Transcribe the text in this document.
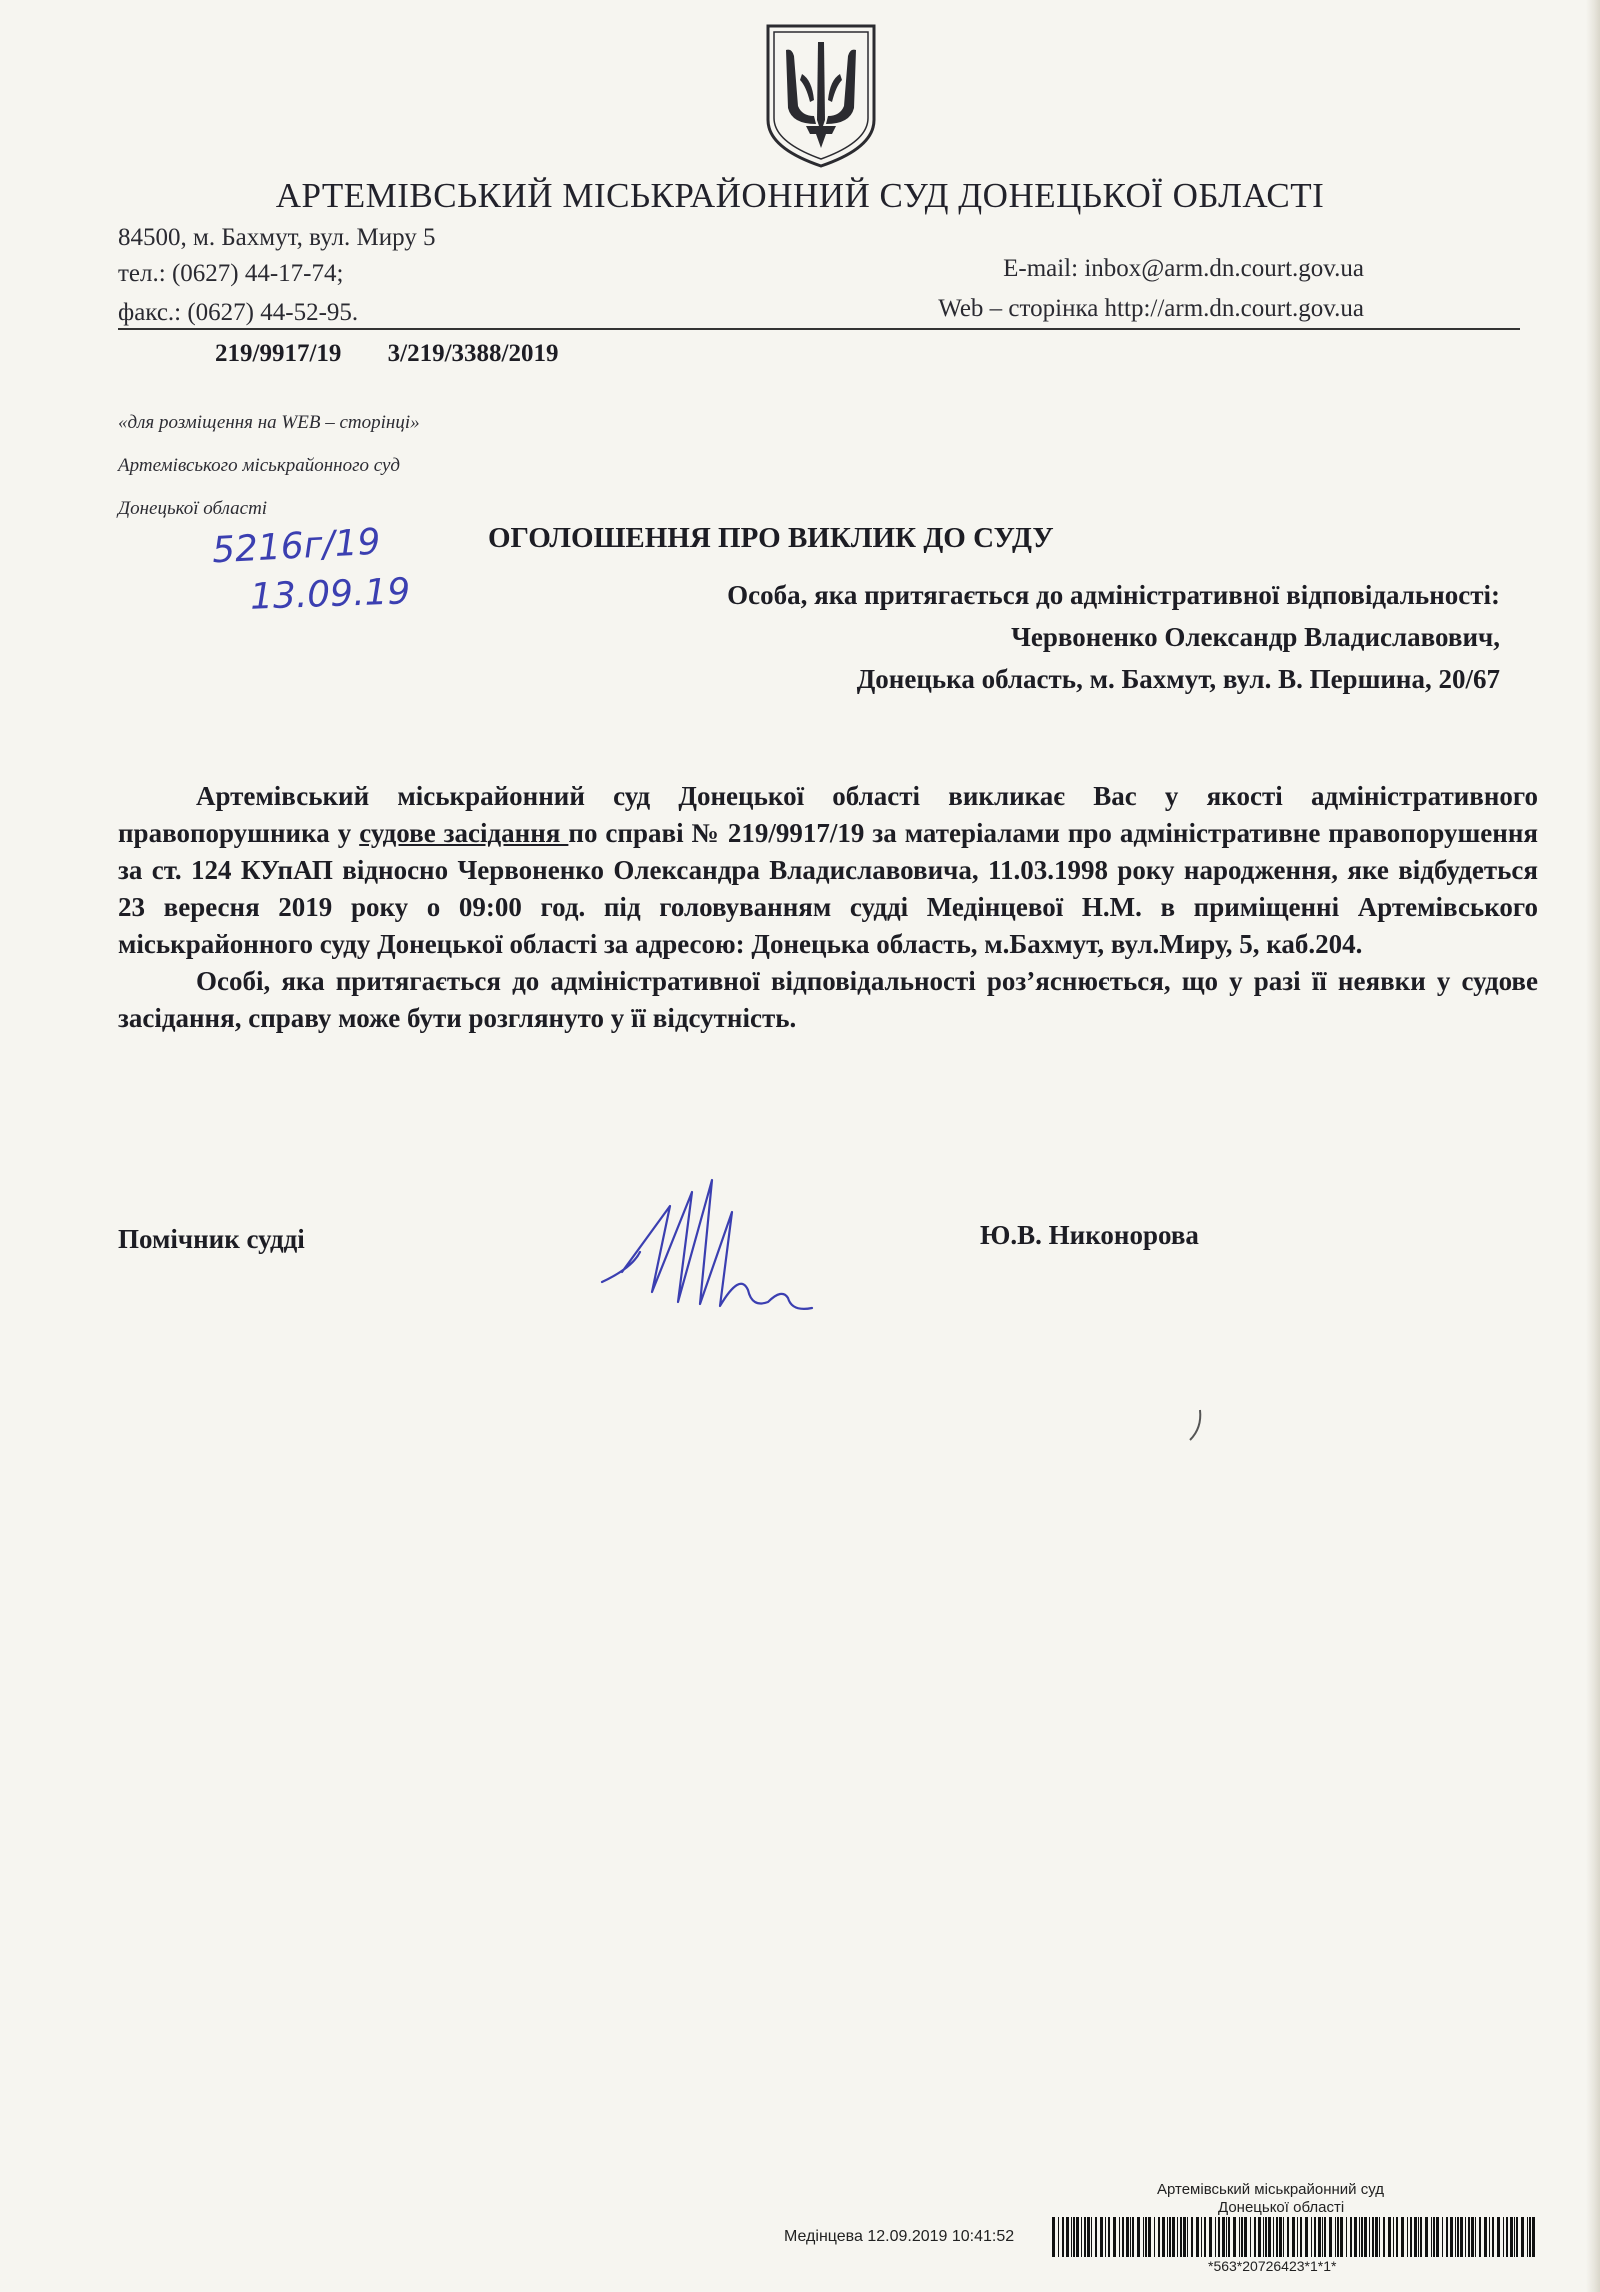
АРТЕМІВСЬКИЙ МІСЬКРАЙОННИЙ СУД ДОНЕЦЬКОЇ ОБЛАСТІ
84500, м. Бахмут, вул. Миру 5
тел.: (0627) 44-17-74;
факс.: (0627) 44-52-95.
E-mail: inbox@arm.dn.court.gov.ua
Web – сторінка http://arm.dn.court.gov.ua
219/9917/19 3/219/3388/2019
«для розміщення на WEB – сторінці»
Артемівського міськрайонного суд
Донецької області
5216г/19
13.09.19
ОГОЛОШЕННЯ ПРО ВИКЛИК ДО СУДУ
Особа, яка притягається до адміністративної відповідальності:
Червоненко Олександр Владиславович,
Донецька область, м. Бахмут, вул. В. Першина, 20/67

Артемівський міськрайонний суд Донецької області викликає Вас у якості адміністративного правопорушника у судове засідання по справі № 219/9917/19 за матеріалами про адміністративне правопорушення за ст. 124 КУпАП відносно Червоненко Олександра Владиславовича, 11.03.1998 року народження, яке відбудеться 23 вересня 2019 року о 09:00 год. під головуванням судді Медінцевої Н.М. в приміщенні Артемівського міськрайонного суду Донецької області за адресою: Донецька область, м.Бахмут, вул.Миру, 5, каб.204.

Особі, яка притягається до адміністративної відповідальності роз’яснюється, що у разі її неявки у судове засідання, справу може бути розглянуто у її відсутність.

Помічник судді	Ю.В. Никонорова
Артемівський міськрайонний суд
Донецької області
Медінцева 12.09.2019 10:41:52
*563*20726423*1*1*
